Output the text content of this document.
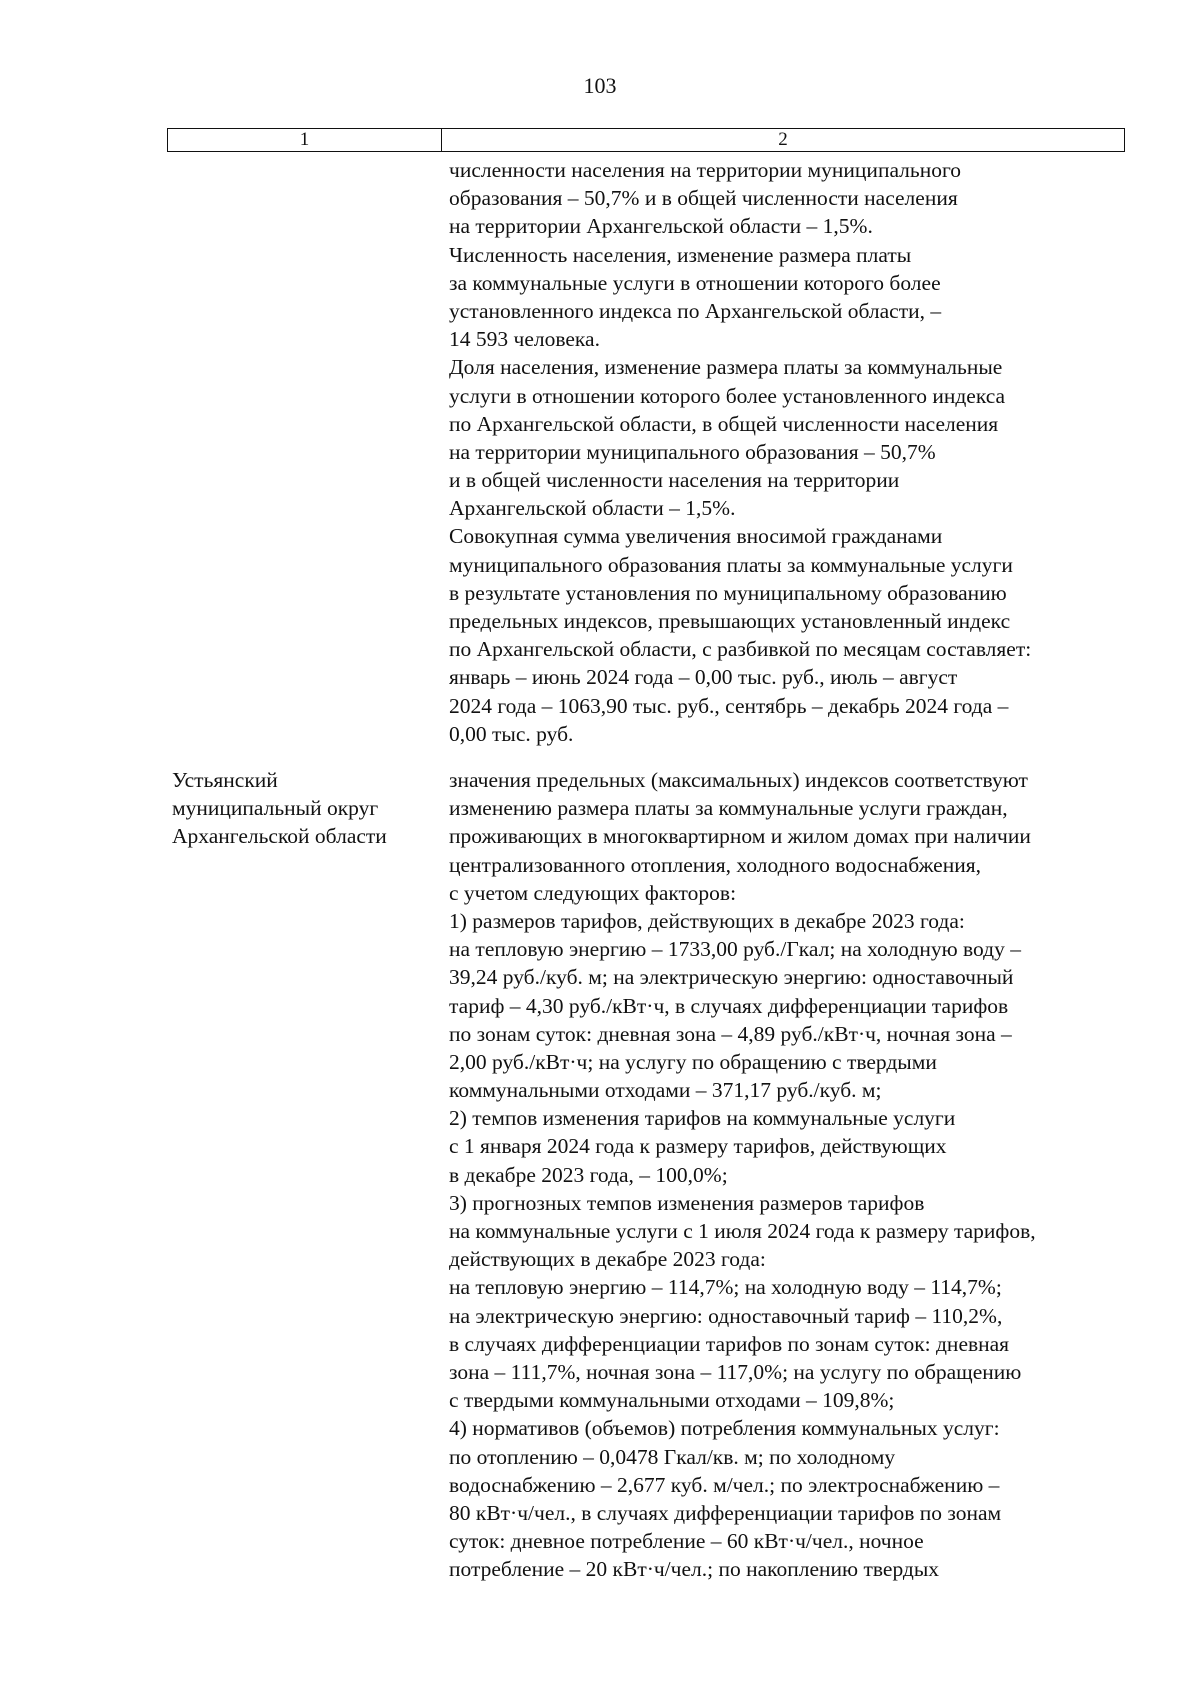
103
1	2
численности населения на территории муниципального
образования – 50,7% и в общей численности населения
на территории Архангельской области – 1,5%.
Численность населения, изменение размера платы
за коммунальные услуги в отношении которого более
установленного индекса по Архангельской области, –
14 593 человека.
Доля населения, изменение размера платы за коммунальные
услуги в отношении которого более установленного индекса
по Архангельской области, в общей численности населения
на территории муниципального образования – 50,7%
и в общей численности населения на территории
Архангельской области – 1,5%.
Совокупная сумма увеличения вносимой гражданами
муниципального образования платы за коммунальные услуги
в результате установления по муниципальному образованию
предельных индексов, превышающих установленный индекс
по Архангельской области, с разбивкой по месяцам составляет:
январь – июнь 2024 года – 0,00 тыс. руб., июль – август
2024 года – 1063,90 тыс. руб., сентябрь – декабрь 2024 года –
0,00 тыс. руб.
Устьянский
муниципальный округ
Архангельской области
значения предельных (максимальных) индексов соответствуют
изменению размера платы за коммунальные услуги граждан,
проживающих в многоквартирном и жилом домах при наличии
централизованного отопления, холодного водоснабжения,
с учетом следующих факторов:
1) размеров тарифов, действующих в декабре 2023 года:
на тепловую энергию – 1733,00 руб./Гкал; на холодную воду –
39,24 руб./куб. м; на электрическую энергию: одноставочный
тариф – 4,30 руб./кВт·ч, в случаях дифференциации тарифов
по зонам суток: дневная зона – 4,89 руб./кВт·ч, ночная зона –
2,00 руб./кВт·ч; на услугу по обращению с твердыми
коммунальными отходами – 371,17 руб./куб. м;
2) темпов изменения тарифов на коммунальные услуги
с 1 января 2024 года к размеру тарифов, действующих
в декабре 2023 года, – 100,0%;
3) прогнозных темпов изменения размеров тарифов
на коммунальные услуги с 1 июля 2024 года к размеру тарифов,
действующих в декабре 2023 года:
на тепловую энергию – 114,7%; на холодную воду – 114,7%;
на электрическую энергию: одноставочный тариф – 110,2%,
в случаях дифференциации тарифов по зонам суток: дневная
зона – 111,7%, ночная зона – 117,0%; на услугу по обращению
с твердыми коммунальными отходами – 109,8%;
4) нормативов (объемов) потребления коммунальных услуг:
по отоплению – 0,0478 Гкал/кв. м; по холодному
водоснабжению – 2,677 куб. м/чел.; по электроснабжению –
80 кВт·ч/чел., в случаях дифференциации тарифов по зонам
суток: дневное потребление – 60 кВт·ч/чел., ночное
потребление – 20 кВт·ч/чел.; по накоплению твердых
